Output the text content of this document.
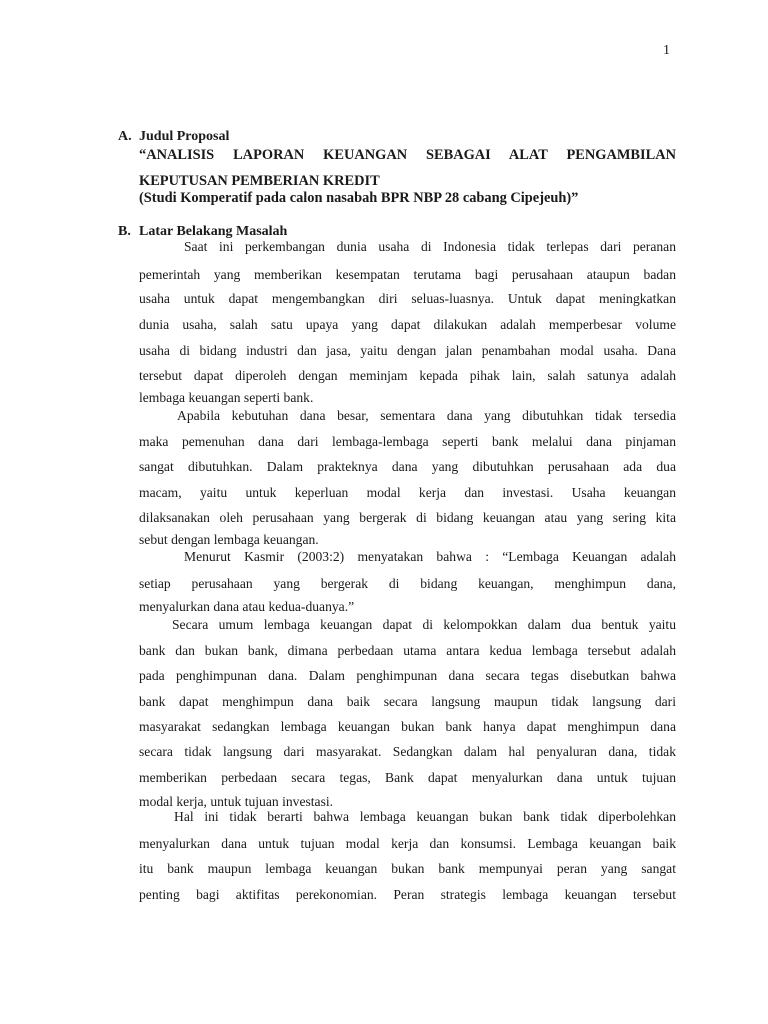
1
A. Judul Proposal
“ANALISIS LAPORAN KEUANGAN SEBAGAI ALAT PENGAMBILAN
KEPUTUSAN PEMBERIAN KREDIT
(Studi Komperatif pada calon nasabah BPR NBP 28 cabang Cipejeuh)”
B. Latar Belakang Masalah
Saat ini perkembangan dunia usaha di Indonesia tidak terlepas dari peranan
pemerintah yang memberikan kesempatan terutama bagi perusahaan ataupun badan
usaha untuk dapat mengembangkan diri seluas-luasnya. Untuk dapat meningkatkan
dunia usaha, salah satu upaya yang dapat dilakukan adalah memperbesar volume
usaha di bidang industri dan jasa, yaitu dengan jalan penambahan modal usaha. Dana
tersebut dapat diperoleh dengan meminjam kepada pihak lain, salah satunya adalah
lembaga keuangan seperti bank.
Apabila kebutuhan dana besar, sementara dana yang dibutuhkan tidak tersedia
maka pemenuhan dana dari lembaga-lembaga seperti bank melalui dana pinjaman
sangat dibutuhkan. Dalam prakteknya dana yang dibutuhkan perusahaan ada dua
macam, yaitu untuk keperluan modal kerja dan investasi. Usaha keuangan
dilaksanakan oleh perusahaan yang bergerak di bidang keuangan atau yang sering kita
sebut dengan lembaga keuangan.
Menurut Kasmir (2003:2) menyatakan bahwa : “Lembaga Keuangan adalah
setiap perusahaan yang bergerak di bidang keuangan, menghimpun dana,
menyalurkan dana atau kedua-duanya.”
Secara umum lembaga keuangan dapat di kelompokkan dalam dua bentuk yaitu
bank dan bukan bank, dimana perbedaan utama antara kedua lembaga tersebut adalah
pada penghimpunan dana. Dalam penghimpunan dana secara tegas disebutkan bahwa
bank dapat menghimpun dana baik secara langsung maupun tidak langsung dari
masyarakat sedangkan lembaga keuangan bukan bank hanya dapat menghimpun dana
secara tidak langsung dari masyarakat. Sedangkan dalam hal penyaluran dana, tidak
memberikan perbedaan secara tegas, Bank dapat menyalurkan dana untuk tujuan
modal kerja, untuk tujuan investasi.
Hal ini tidak berarti bahwa lembaga keuangan bukan bank tidak diperbolehkan
menyalurkan dana untuk tujuan modal kerja dan konsumsi. Lembaga keuangan baik
itu bank maupun lembaga keuangan bukan bank mempunyai peran yang sangat
penting bagi aktifitas perekonomian. Peran strategis lembaga keuangan tersebut
